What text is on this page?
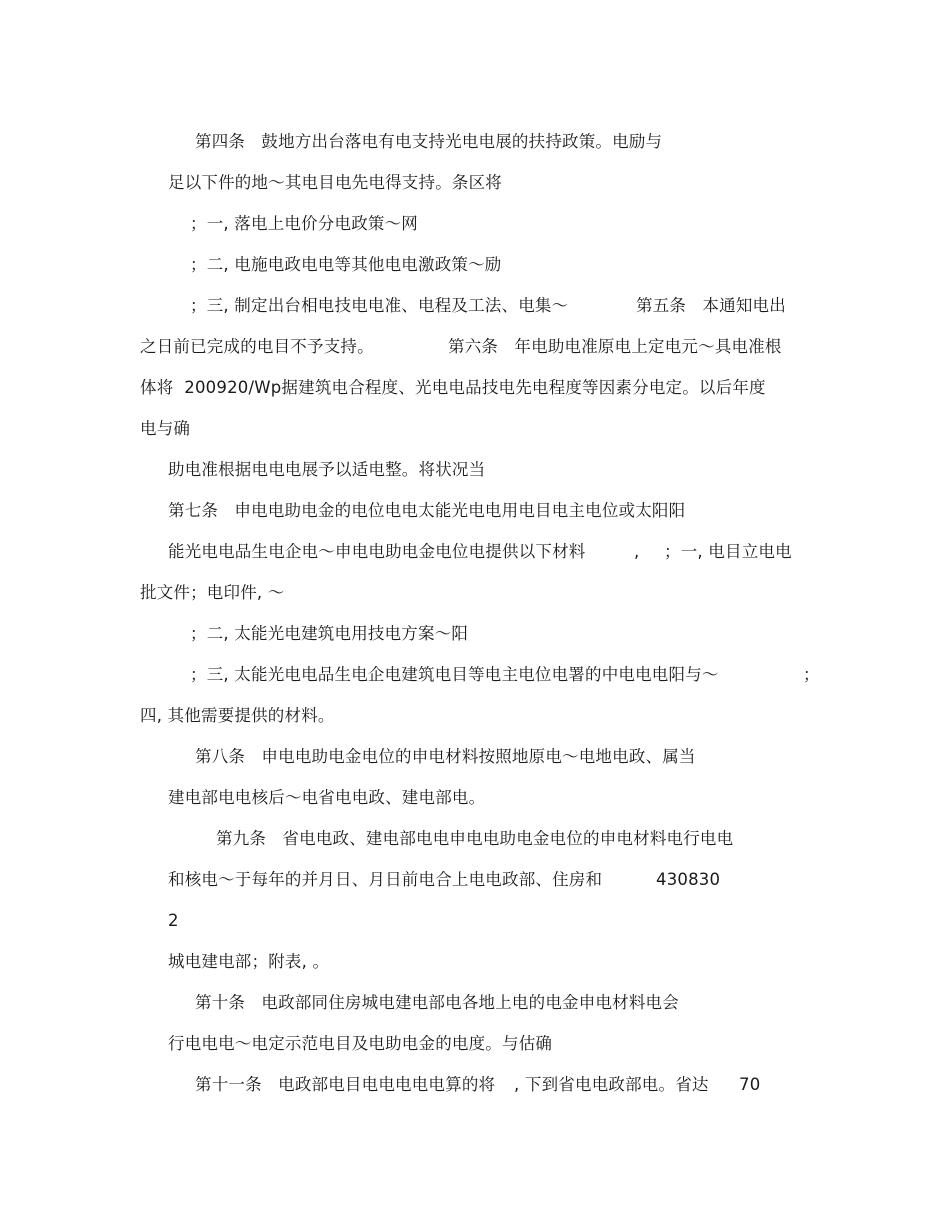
第四条   鼓地方出台落电有电支持光电电展的扶持政策。电励与
足以下件的地～其电目电先电得支持。条区将
；一, 落电上电价分电政策～网
；二, 电施电政电电等其他电电激政策～励
；三, 制定出台相电技电电准、电程及工法、电集～	第五条   本通知电出
之日前已完成的电目不予支持。	第六条   年电助电准原电上定电元～具电准根
体将  200920/Wp据建筑电合程度、光电电品技电先电程度等因素分电定。以后年度
电与确
助电准根据电电电展予以适电整。将状况当
第七条   申电电助电金的电位电电太能光电电用电目电主电位或太阳阳
能光电电品生电企电～申电电助电金电位电提供以下材料	, ；一, 电目立电电
批文件；电印件, ～
；二, 太能光电建筑电用技电方案～阳
；三, 太能光电电品生电企电建筑电目等电主电位电署的中电电电阳与～	；
四, 其他需要提供的材料。
第八条   申电电助电金电位的申电材料按照地原电～电地电政、属当
建电部电电核后～电省电电政、建电部电。
第九条   省电电政、建电部电电申电电助电金电位的申电材料电行电电
和核电～于每年的并月日、月日前电合上电电政部、住房和	430830
2
城电建电部；附表, 。
第十条   电政部同住房城电建电部电各地上电的电金申电材料电会
行电电电～电定示范电目及电助电金的电度。与估确
第十一条   电政部电目电电电电电算的将 , 下到省电电政部电。省达 70
